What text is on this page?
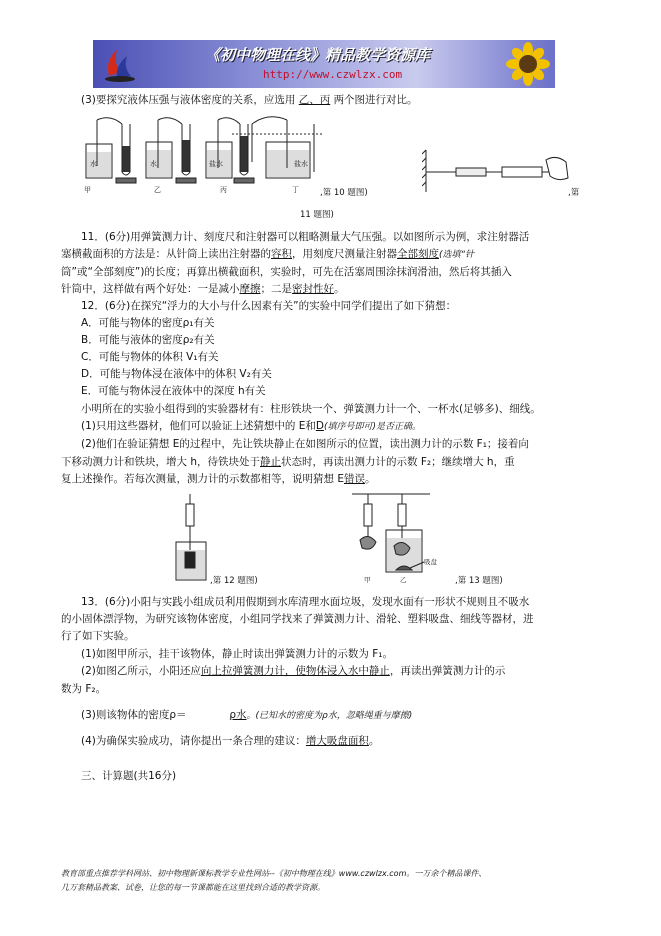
《初中物理在线》精品教学资源库
http://www.czwlzx.com
(3)要探究液体压强与液体密度的关系，应选用 乙、丙 两个图进行对比。
水	水	盐水	盐水
甲	乙	丙	丁 ,第 10 题图)	,第
11 题图)
11．(6分)用弹簧测力计、刻度尺和注射器可以粗略测量大气压强。以如图所示为例，求注射器活
塞横截面积的方法是：从针筒上读出注射器的容积，用刻度尺测量注射器全部刻度(选填“针
筒”或“全部刻度”)的长度；再算出横截面积，实验时，可先在活塞周围涂抹润滑油，然后将其插入
针筒中，这样做有两个好处：一是减小摩擦；二是密封性好。
12．(6分)在探究“浮力的大小与什么因素有关”的实验中同学们提出了如下猜想：
A．可能与物体的密度ρ₁有关
B．可能与液体的密度ρ₂有关
C．可能与物体的体积 V₁有关
D．可能与物体浸在液体中的体积 V₂有关
E．可能与物体浸在液体中的深度 h有关
小明所在的实验小组得到的实验器材有：柱形铁块一个、弹簧测力计一个、一杯水(足够多)、细线。
(1)只用这些器材，他们可以验证上述猜想中的 E和D(填序号即可)是否正确。
(2)他们在验证猜想 E的过程中，先让铁块静止在如图所示的位置，读出测力计的示数 F₁；接着向
下移动测力计和铁块，增大 h，待铁块处于静止状态时，再读出测力计的示数 F₂；继续增大 h，重
复上述操作。若每次测量，测力计的示数都相等，说明猜想 E错误。
,第 12 题图)	甲	乙
吸盘
,第 13 题图)
13．(6分)小阳与实践小组成员利用假期到水库清理水面垃圾，发现水面有一形状不规则且不吸水
的小固体漂浮物，为研究该物体密度，小组同学找来了弹簧测力计、滑轮、塑料吸盘、细线等器材，进
行了如下实验。
(1)如图甲所示，挂干该物体，静止时读出弹簧测力计的示数为 F₁。
(2)如图乙所示，小阳还应向上拉弹簧测力计，使物体浸入水中静止，再读出弹簧测力计的示
数为 F₂。
(3)则该物体的密度ρ＝	ρ水。(已知水的密度为ρ水，忽略绳重与摩擦)
(4)为确保实验成功，请你提出一条合理的建议：增大吸盘面积。
三、计算题(共16分)
教育部重点推荐学科网站、初中物理新课标教学专业性网站--《初中物理在线》www.czwlzx.com。一万余个精品课件、
几万套精品教案、试卷，让您的每一节课都能在这里找到合适的教学资源。
